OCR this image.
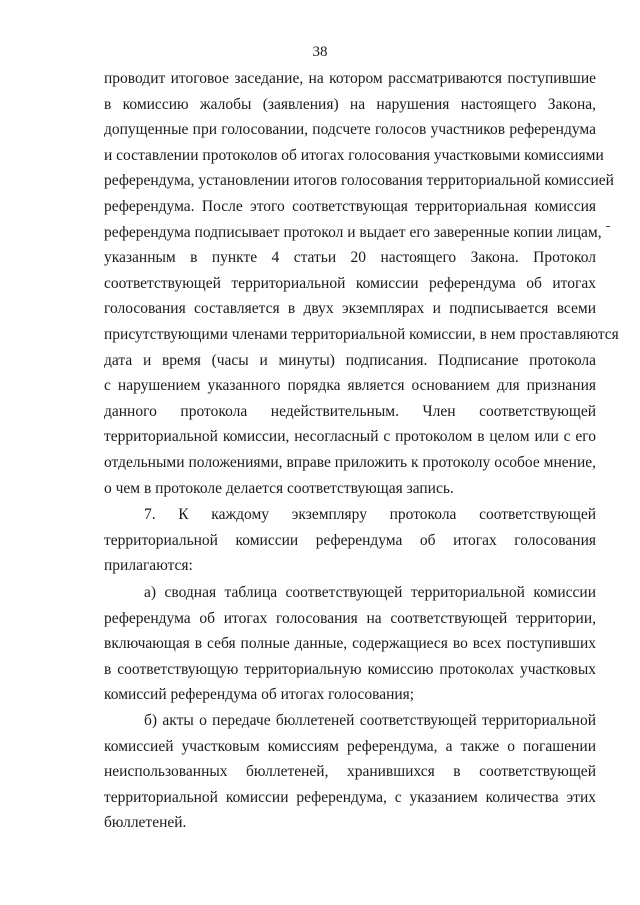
38
проводит итоговое заседание, на котором рассматриваются поступившие
в комиссию жалобы (заявления) на нарушения настоящего Закона,
допущенные при голосовании, подсчете голосов участников референдума
и составлении протоколов об итогах голосования участковыми комиссиями
референдума, установлении итогов голосования территориальной комиссией
референдума. После этого соответствующая территориальная комиссия
референдума подписывает протокол и выдает его заверенные копии лицам,
указанным в пункте 4 статьи 20 настоящего Закона. Протокол
соответствующей территориальной комиссии референдума об итогах
голосования составляется в двух экземплярах и подписывается всеми
присутствующими членами территориальной комиссии, в нем проставляются
дата и время (часы и минуты) подписания. Подписание протокола
с нарушением указанного порядка является основанием для признания
данного протокола недействительным. Член соответствующей
территориальной комиссии, несогласный с протоколом в целом или с его
отдельными положениями, вправе приложить к протоколу особое мнение,
о чем в протоколе делается соответствующая запись.
7. К каждому экземпляру протокола соответствующей
территориальной комиссии референдума об итогах голосования
прилагаются:
а) сводная таблица соответствующей территориальной комиссии
референдума об итогах голосования на соответствующей территории,
включающая в себя полные данные, содержащиеся во всех поступивших
в соответствующую территориальную комиссию протоколах участковых
комиссий референдума об итогах голосования;
б) акты о передаче бюллетеней соответствующей территориальной
комиссией участковым комиссиям референдума, а также о погашении
неиспользованных бюллетеней, хранившихся в соответствующей
территориальной комиссии референдума, с указанием количества этих
бюллетеней.
